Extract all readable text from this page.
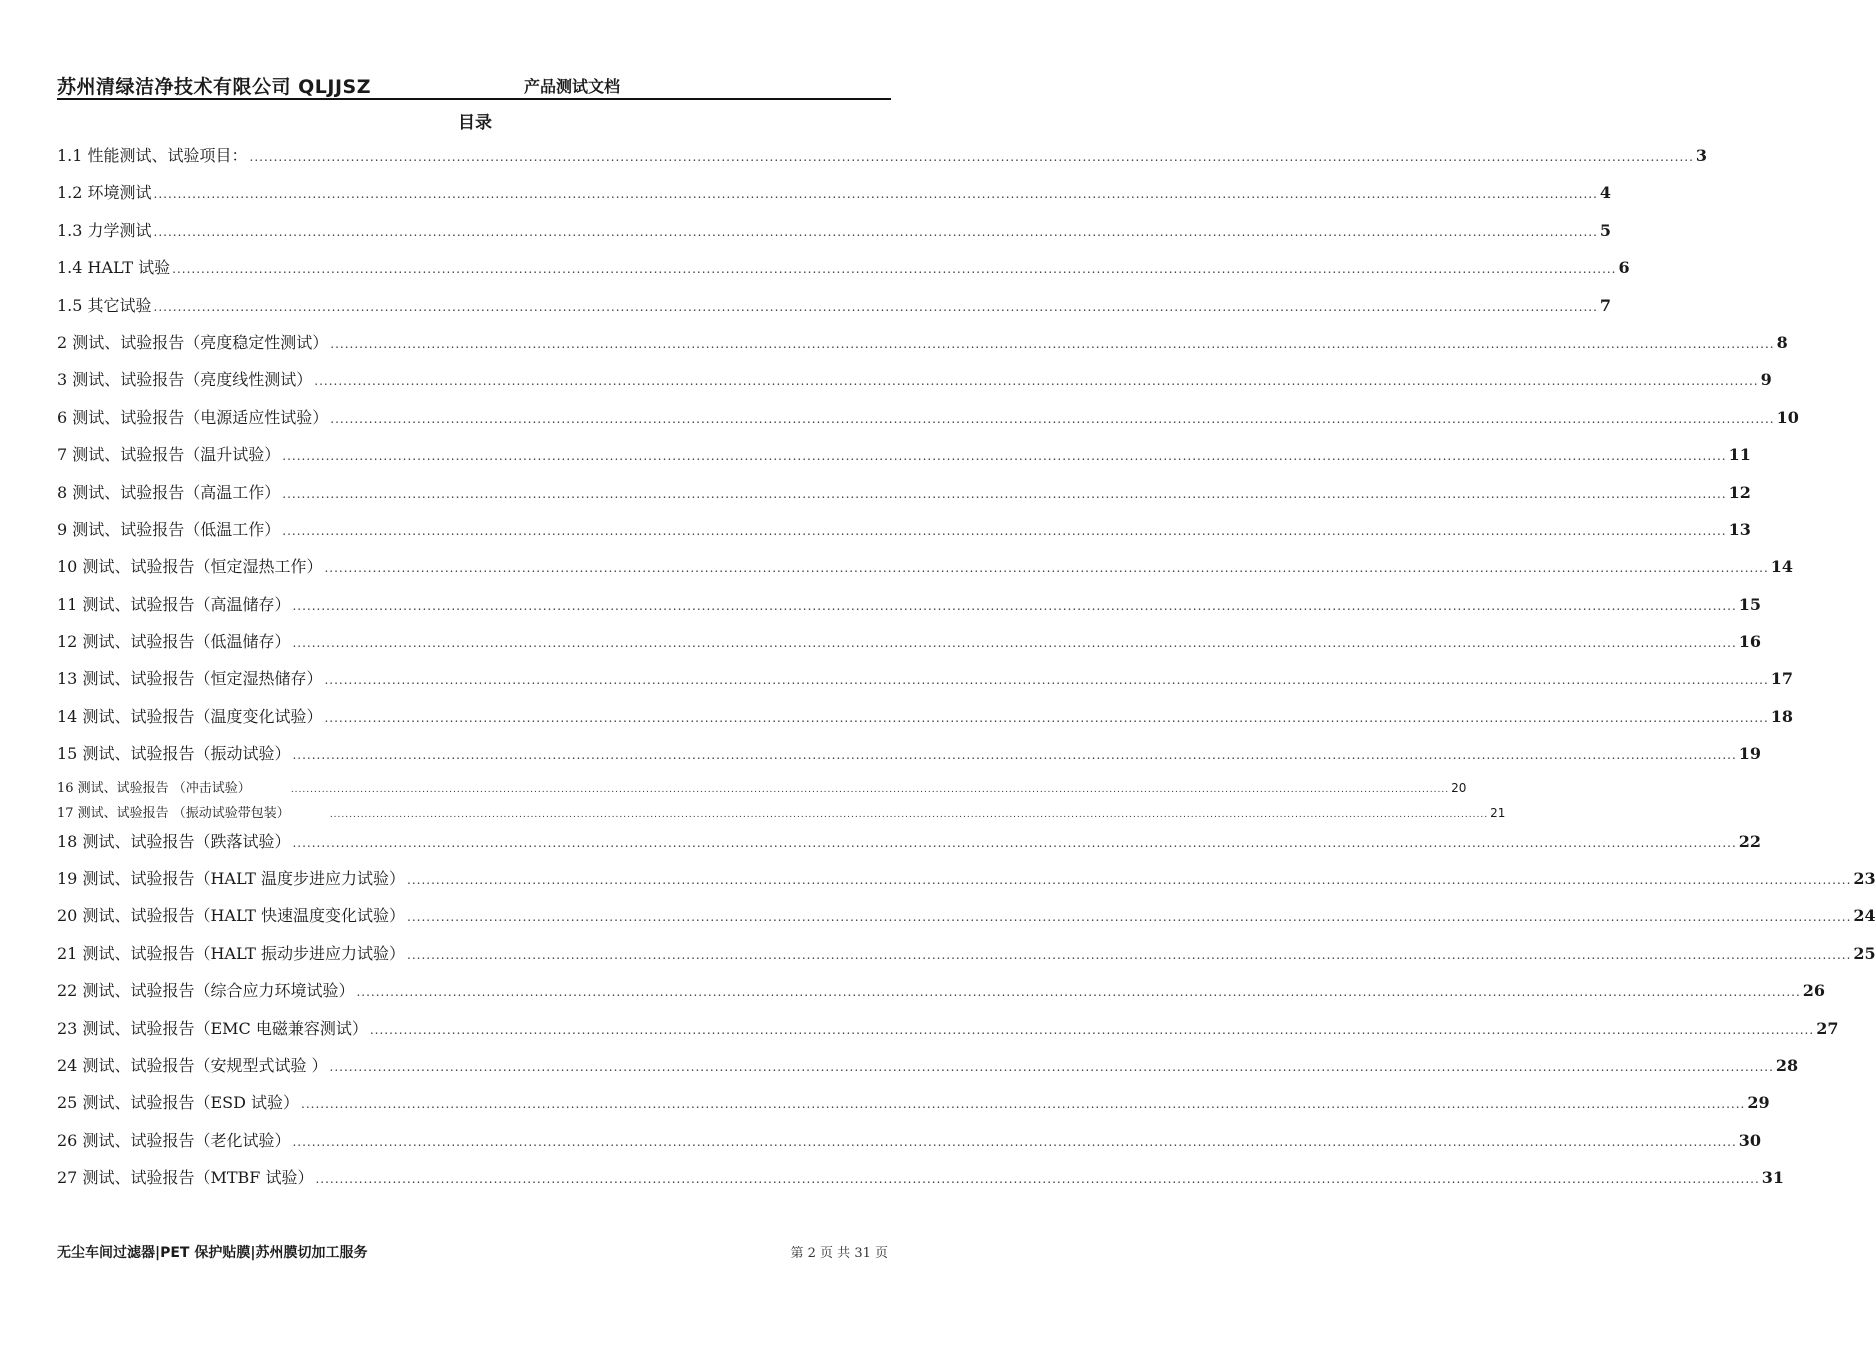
苏州清绿洁净技术有限公司 QLJJSZ	产品测试文档
目录
1.1 性能测试、试验项目： ............................................................................................................................................................................................................................................................................................................ 3
1.2 环境测试 ............................................................................................................................................................................................................................................................................................................ 4
1.3 力学测试 ............................................................................................................................................................................................................................................................................................................ 5
1.4 HALT 试验 ............................................................................................................................................................................................................................................................................................................ 6
1.5 其它试验 ............................................................................................................................................................................................................................................................................................................ 7
2 测试、试验报告（亮度稳定性测试） ............................................................................................................................................................................................................................................................................................................ 8
3 测试、试验报告（亮度线性测试） ............................................................................................................................................................................................................................................................................................................ 9
6 测试、试验报告（电源适应性试验） ............................................................................................................................................................................................................................................................................................................ 10
7 测试、试验报告（温升试验） ............................................................................................................................................................................................................................................................................................................ 11
8 测试、试验报告（高温工作） ............................................................................................................................................................................................................................................................................................................ 12
9 测试、试验报告（低温工作） ............................................................................................................................................................................................................................................................................................................ 13
10 测试、试验报告（恒定湿热工作） ............................................................................................................................................................................................................................................................................................................ 14
11 测试、试验报告（高温储存） ............................................................................................................................................................................................................................................................................................................ 15
12 测试、试验报告（低温储存） ............................................................................................................................................................................................................................................................................................................ 16
13 测试、试验报告（恒定湿热储存） ............................................................................................................................................................................................................................................................................................................ 17
14 测试、试验报告（温度变化试验） ............................................................................................................................................................................................................................................................................................................ 18
15 测试、试验报告（振动试验） ............................................................................................................................................................................................................................................................................................................ 19
16 测试、试验报告 （冲击试验）	............................................................................................................................................................................................................................................................................................................ 20
17 测试、试验报告 （振动试验带包装）	............................................................................................................................................................................................................................................................................................................ 21
18 测试、试验报告（跌落试验） ............................................................................................................................................................................................................................................................................................................ 22
19 测试、试验报告（HALT 温度步进应力试验） ............................................................................................................................................................................................................................................................................................................ 23
20 测试、试验报告（HALT 快速温度变化试验） ............................................................................................................................................................................................................................................................................................................ 24
21 测试、试验报告（HALT 振动步进应力试验） ............................................................................................................................................................................................................................................................................................................ 25
22 测试、试验报告（综合应力环境试验） ............................................................................................................................................................................................................................................................................................................ 26
23 测试、试验报告（EMC 电磁兼容测试） ............................................................................................................................................................................................................................................................................................................ 27
24 测试、试验报告（安规型式试验 ） ............................................................................................................................................................................................................................................................................................................ 28
25 测试、试验报告（ESD 试验） ............................................................................................................................................................................................................................................................................................................ 29
26 测试、试验报告（老化试验） ............................................................................................................................................................................................................................................................................................................ 30
27 测试、试验报告（MTBF 试验） ............................................................................................................................................................................................................................................................................................................ 31
无尘车间过滤器|PET 保护贴膜|苏州膜切加工服务	第 2 页 共 31 页
